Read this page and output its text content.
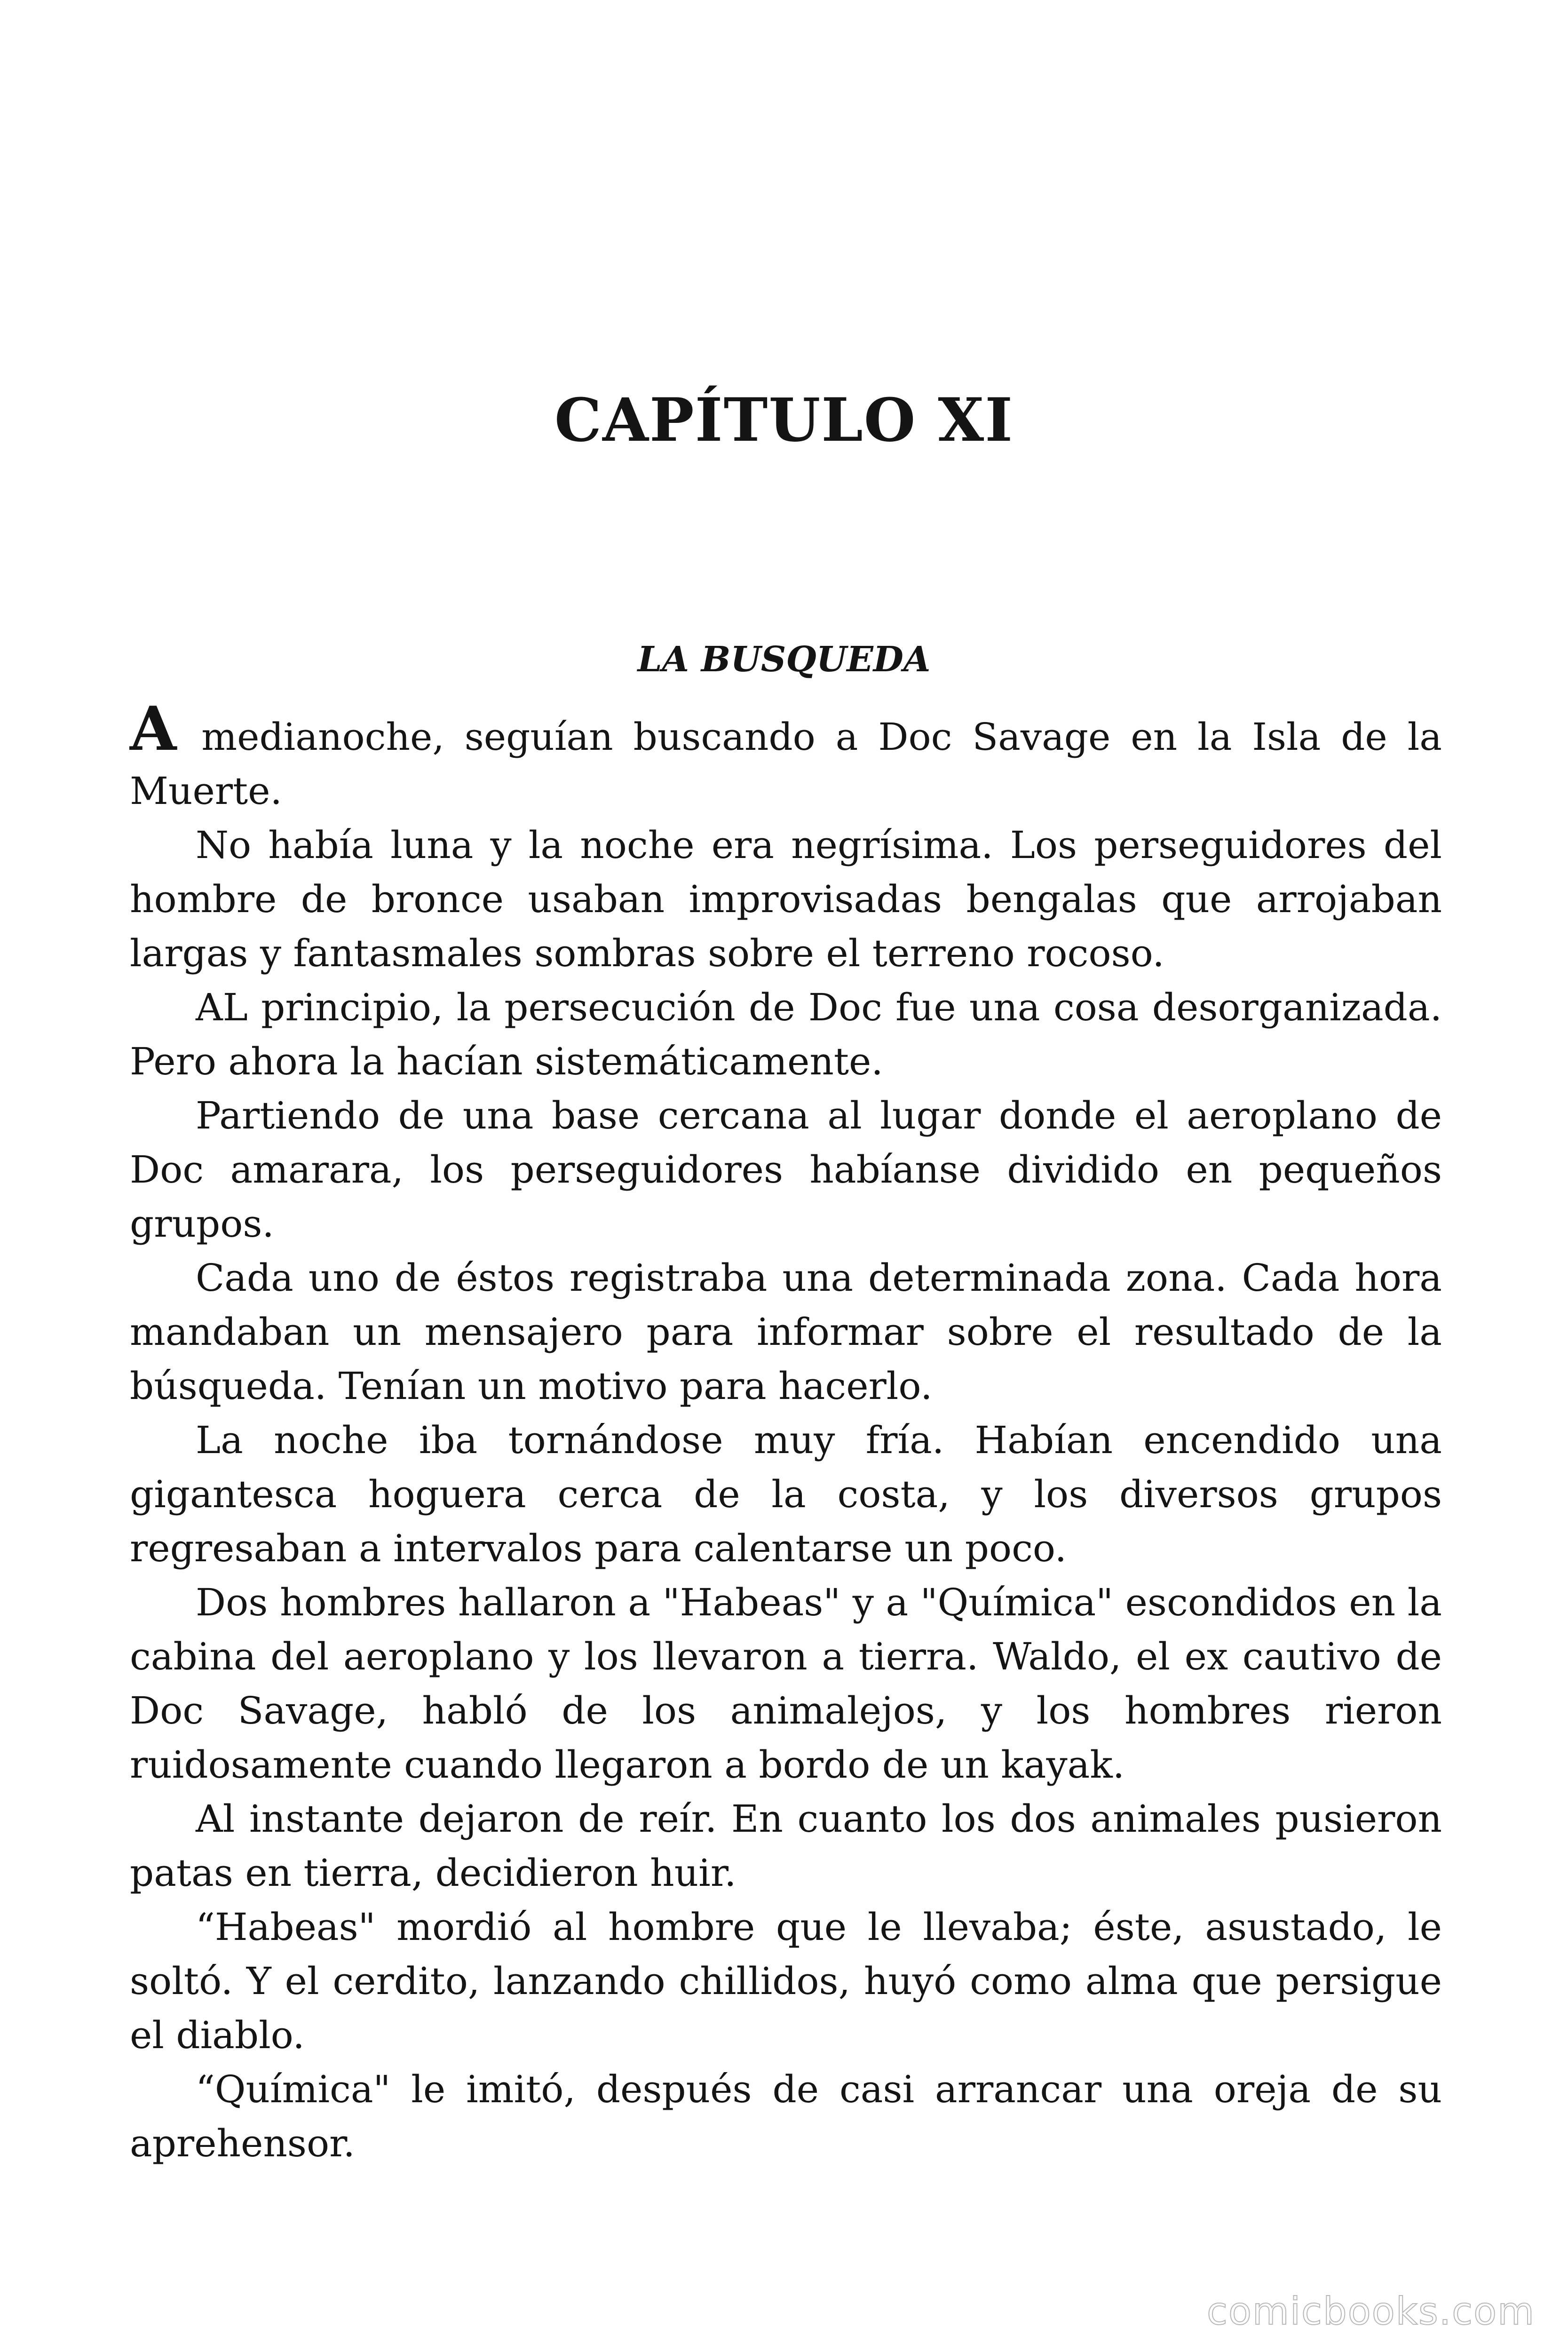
CAPÍTULO XI
LA BUSQUEDA

A medianoche, seguían buscando a Doc Savage en la Isla de la Muerte.

No había luna y la noche era negrísima. Los perseguidores del hombre de bronce usaban improvisadas bengalas que arrojaban largas y fantasmales sombras sobre el terreno rocoso.

AL principio, la persecución de Doc fue una cosa desorganizada. Pero ahora la hacían sistemáticamente.

Partiendo de una base cercana al lugar donde el aeroplano de Doc amarara, los perseguidores habíanse dividido en pequeños grupos.

Cada uno de éstos registraba una determinada zona. Cada hora mandaban un mensajero para informar sobre el resultado de la búsqueda. Tenían un motivo para hacerlo.

La noche iba tornándose muy fría. Habían encendido una gigantesca hoguera cerca de la costa, y los diversos grupos regresaban a intervalos para calentarse un poco.

Dos hombres hallaron a "Habeas" y a "Química" escondidos en la cabina del aeroplano y los llevaron a tierra. Waldo, el ex cautivo de Doc Savage, habló de los animalejos, y los hombres rieron ruidosamente cuando llegaron a bordo de un kayak.

Al instante dejaron de reír. En cuanto los dos animales pusieron patas en tierra, decidieron huir.

“Habeas" mordió al hombre que le llevaba; éste, asustado, le soltó. Y el cerdito, lanzando chillidos, huyó como alma que persigue el diablo.

“Química" le imitó, después de casi arrancar una oreja de su aprehensor.

comicbooks.com
